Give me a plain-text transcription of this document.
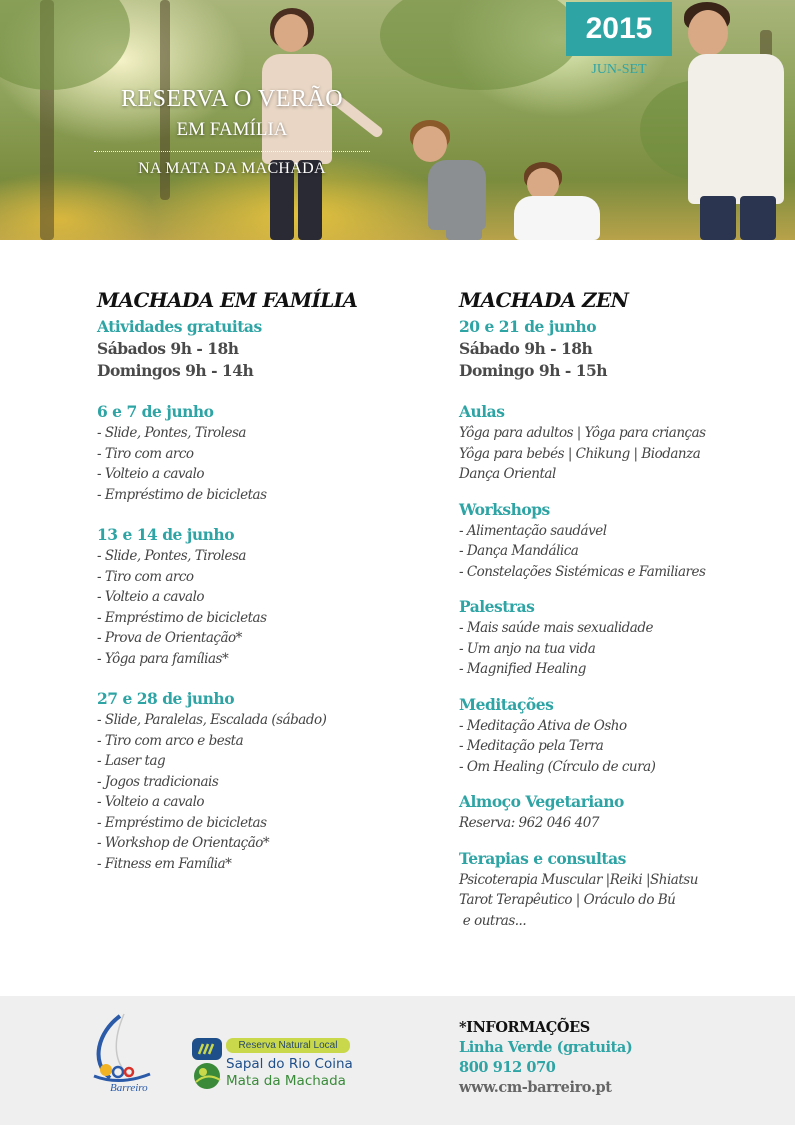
RESERVA O VERÃO
EM FAMÍLIA
NA MATA DA MACHADA
2015
JUN-SET
MACHADA EM FAMÍLIA
Atividades gratuitas
Sábados 9h - 18h
Domingos 9h - 14h
6 e 7 de junho
- Slide, Pontes, Tirolesa
- Tiro com arco
- Volteio a cavalo
- Empréstimo de bicicletas
13 e 14 de junho
- Slide, Pontes, Tirolesa
- Tiro com arco
- Volteio a cavalo
- Empréstimo de bicicletas
- Prova de Orientação*
- Yôga para famílias*
27 e 28 de junho
- Slide, Paralelas, Escalada (sábado)
- Tiro com arco e besta
- Laser tag
- Jogos tradicionais
- Volteio a cavalo
- Empréstimo de bicicletas
- Workshop de Orientação*
- Fitness em Família*
MACHADA ZEN
20 e 21 de junho
Sábado 9h - 18h
Domingo 9h - 15h
Aulas
Yôga para adultos | Yôga para crianças
Yôga para bebés | Chikung | Biodanza
Dança Oriental
Workshops
- Alimentação saudável
- Dança Mandálica
- Constelações Sistémicas e Familiares
Palestras
- Mais saúde mais sexualidade
- Um anjo na tua vida
- Magnified Healing
Meditações
- Meditação Ativa de Osho
- Meditação pela Terra
- Om Healing (Círculo de cura)
Almoço Vegetariano
Reserva: 962 046 407
Terapias e consultas
Psicoterapia Muscular |Reiki |Shiatsu
Tarot Terapêutico | Oráculo do Bú
e outras...
Barreiro
Reserva Natural Local
Sapal do Rio Coina
Mata da Machada
*INFORMAÇÕES
Linha Verde (gratuita)
800 912 070
www.cm-barreiro.pt
